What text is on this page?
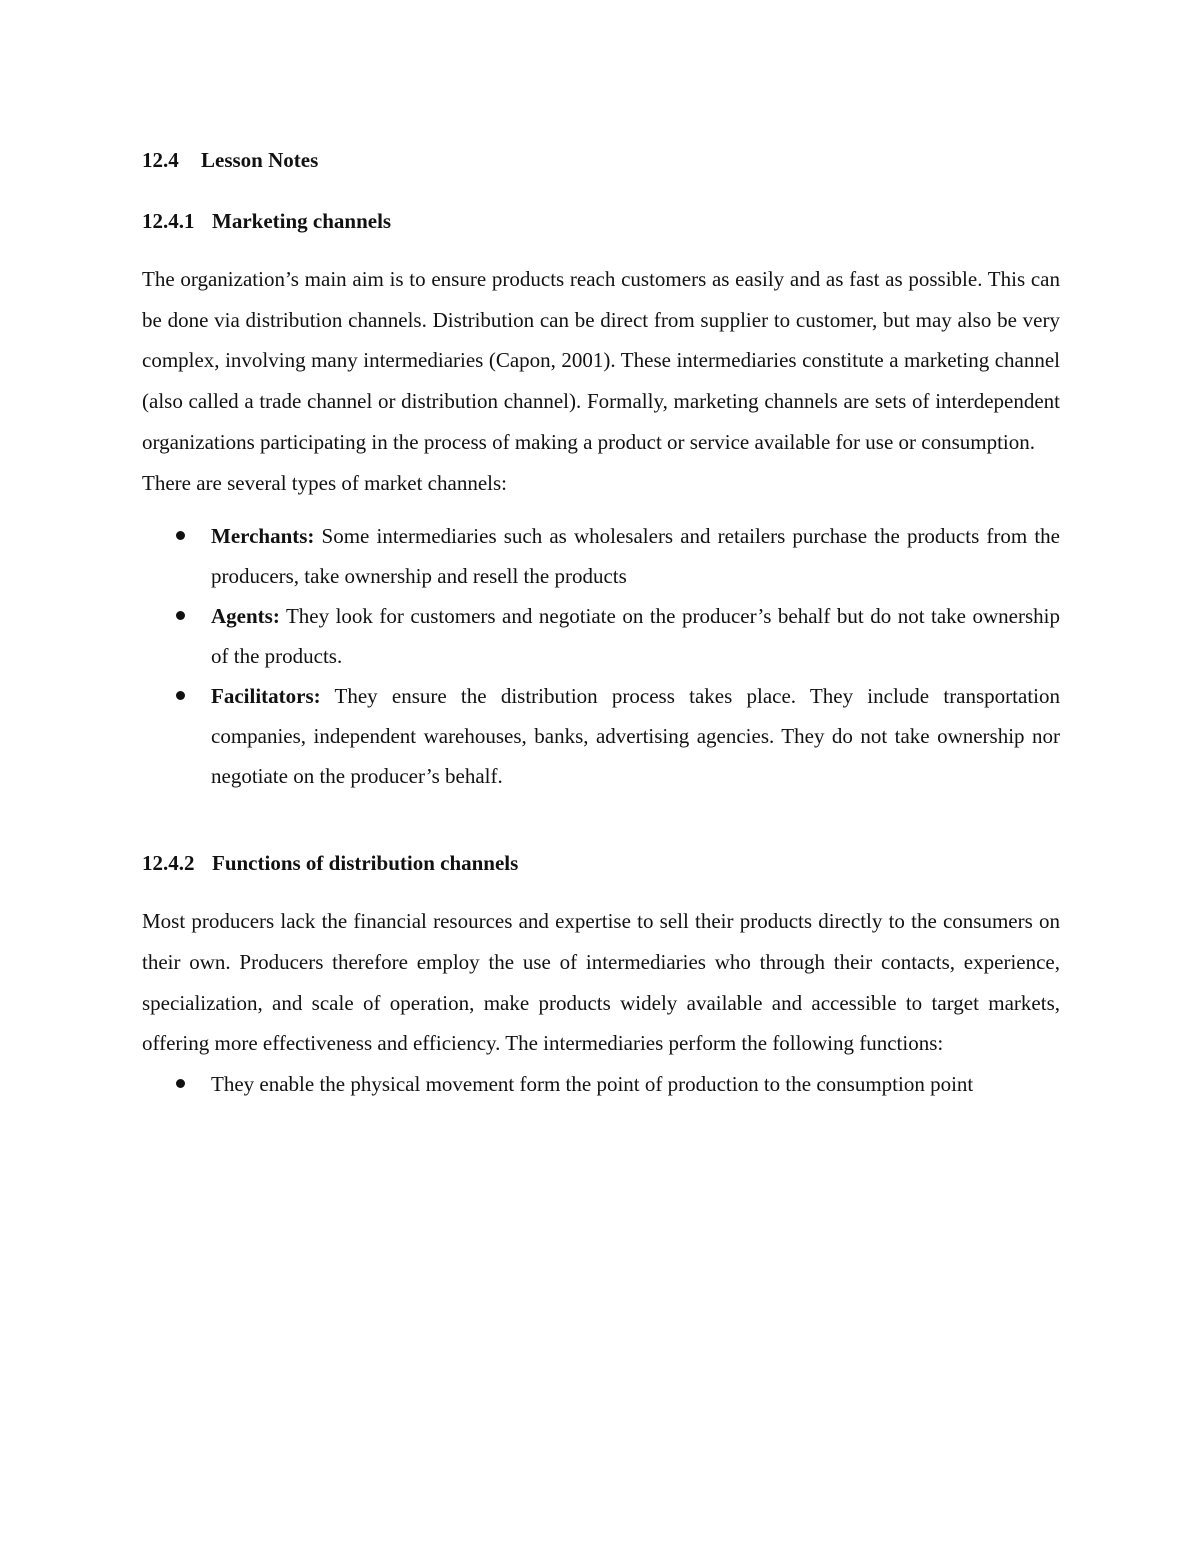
12.4 Lesson Notes
12.4.1 Marketing channels

The organization’s main aim is to ensure products reach customers as easily and as fast as possible. This can be done via distribution channels. Distribution can be direct from supplier to customer, but may also be very complex, involving many intermediaries (Capon, 2001). These intermediaries constitute a marketing channel (also called a trade channel or distribution channel). Formally, marketing channels are sets of interdependent organizations participating in the process of making a product or service available for use or consumption.

There are several types of market channels:

Merchants: Some intermediaries such as wholesalers and retailers purchase the products from the producers, take ownership and resell the products
Agents: They look for customers and negotiate on the producer’s behalf but do not take ownership of the products.
Facilitators: They ensure the distribution process takes place. They include transportation companies, independent warehouses, banks, advertising agencies. They do not take ownership nor negotiate on the producer’s behalf.
12.4.2 Functions of distribution channels

Most producers lack the financial resources and expertise to sell their products directly to the consumers on their own. Producers therefore employ the use of intermediaries who through their contacts, experience, specialization, and scale of operation, make products widely available and accessible to target markets, offering more effectiveness and efficiency. The intermediaries perform the following functions:

They enable the physical movement form the point of production to the consumption point
